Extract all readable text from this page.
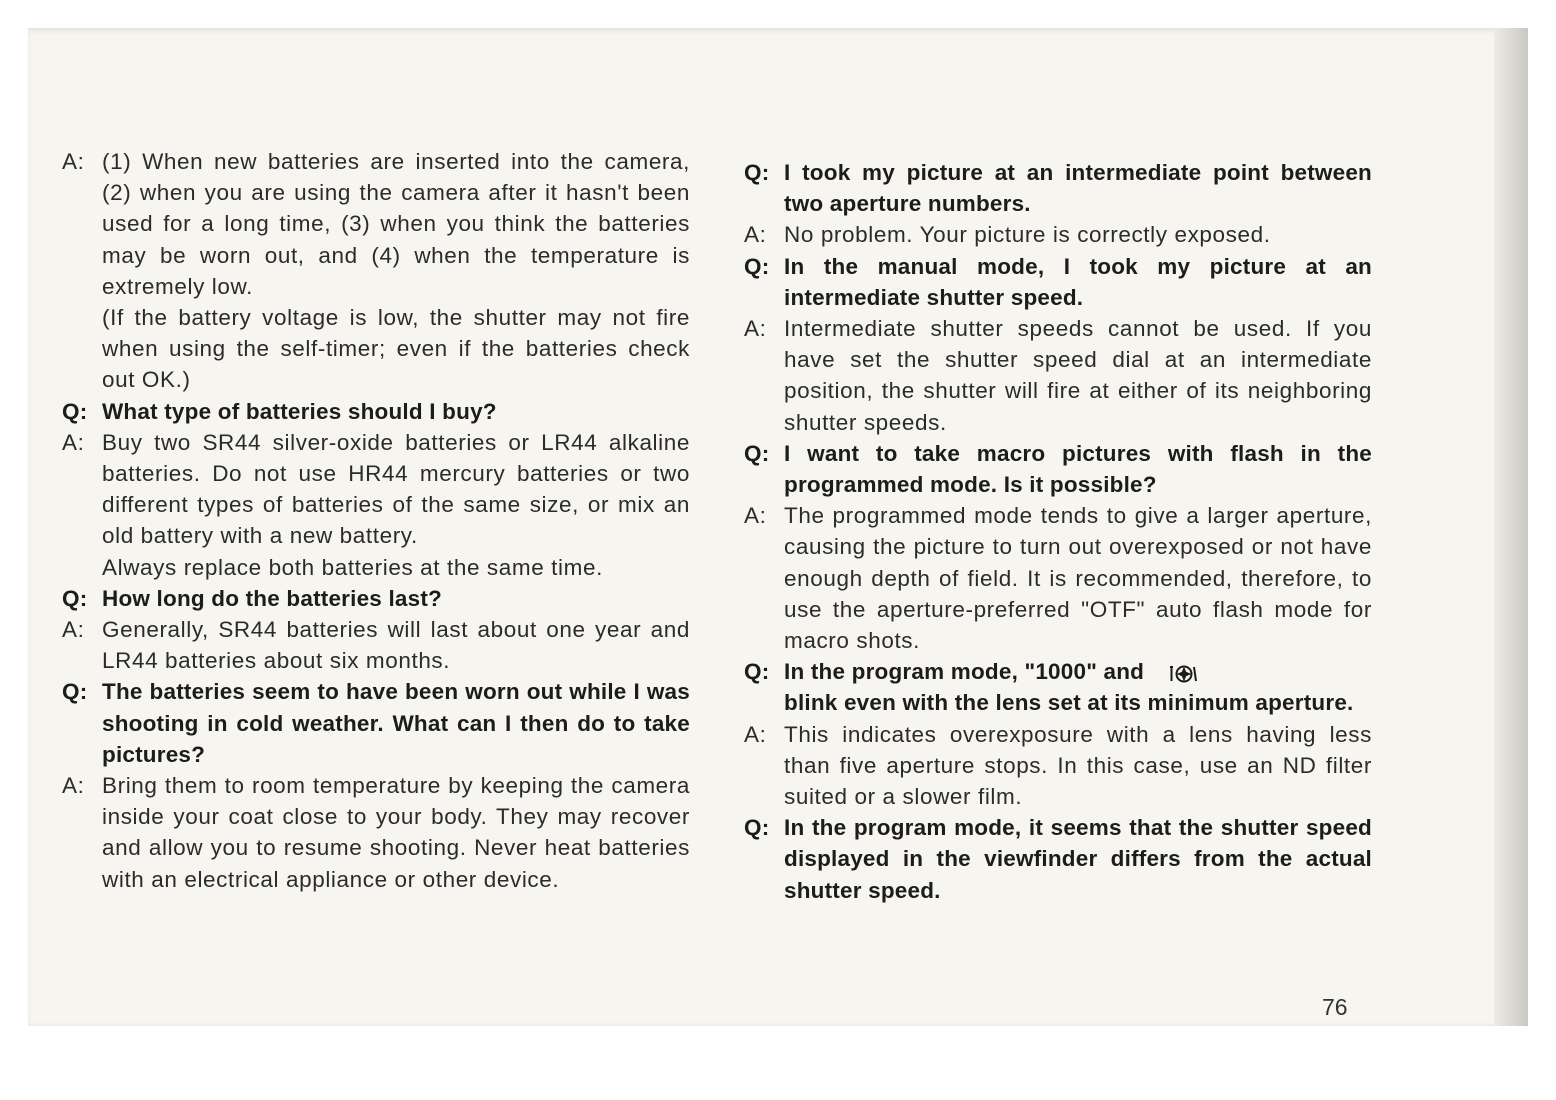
A: (1) When new batteries are inserted into the camera, (2) when you are using the camera after it hasn't been used for a long time, (3) when you think the batteries may be worn out, and (4) when the temperature is extremely low.
(If the battery voltage is low, the shutter may not fire when using the self-timer; even if the batteries check out OK.)
Q: What type of batteries should I buy?
A: Buy two SR44 silver-oxide batteries or LR44 alkaline batteries. Do not use HR44 mercury batteries or two different types of batteries of the same size, or mix an old battery with a new battery.
Always replace both batteries at the same time.
Q: How long do the batteries last?
A: Generally, SR44 batteries will last about one year and LR44 batteries about six months.
Q: The batteries seem to have been worn out while I was shooting in cold weather. What can I then do to take pictures?
A: Bring them to room temperature by keeping the camera inside your coat close to your body. They may recover and allow you to resume shooting. Never heat batteries with an electrical appliance or other device.
Q: I took my picture at an intermediate point between two aperture numbers.
A: No problem. Your picture is correctly exposed.
Q: In the manual mode, I took my picture at an intermediate shutter speed.
A: Intermediate shutter speeds cannot be used. If you have set the shutter speed dial at an intermediate position, the shutter will fire at either of its neighboring shutter speeds.
Q: I want to take macro pictures with flash in the programmed mode. Is it possible?
A: The programmed mode tends to give a larger aperture, causing the picture to turn out overexposed or not have enough depth of field. It is recommended, therefore, to use the aperture-preferred "OTF" auto flash mode for macro shots.
Q: In the program mode, "1000" and
blink even with the lens set at its minimum aperture.
A: This indicates overexposure with a lens having less than five aperture stops. In this case, use an ND filter suited or a slower film.
Q: In the program mode, it seems that the shutter speed displayed in the viewfinder differs from the actual shutter speed.
76
